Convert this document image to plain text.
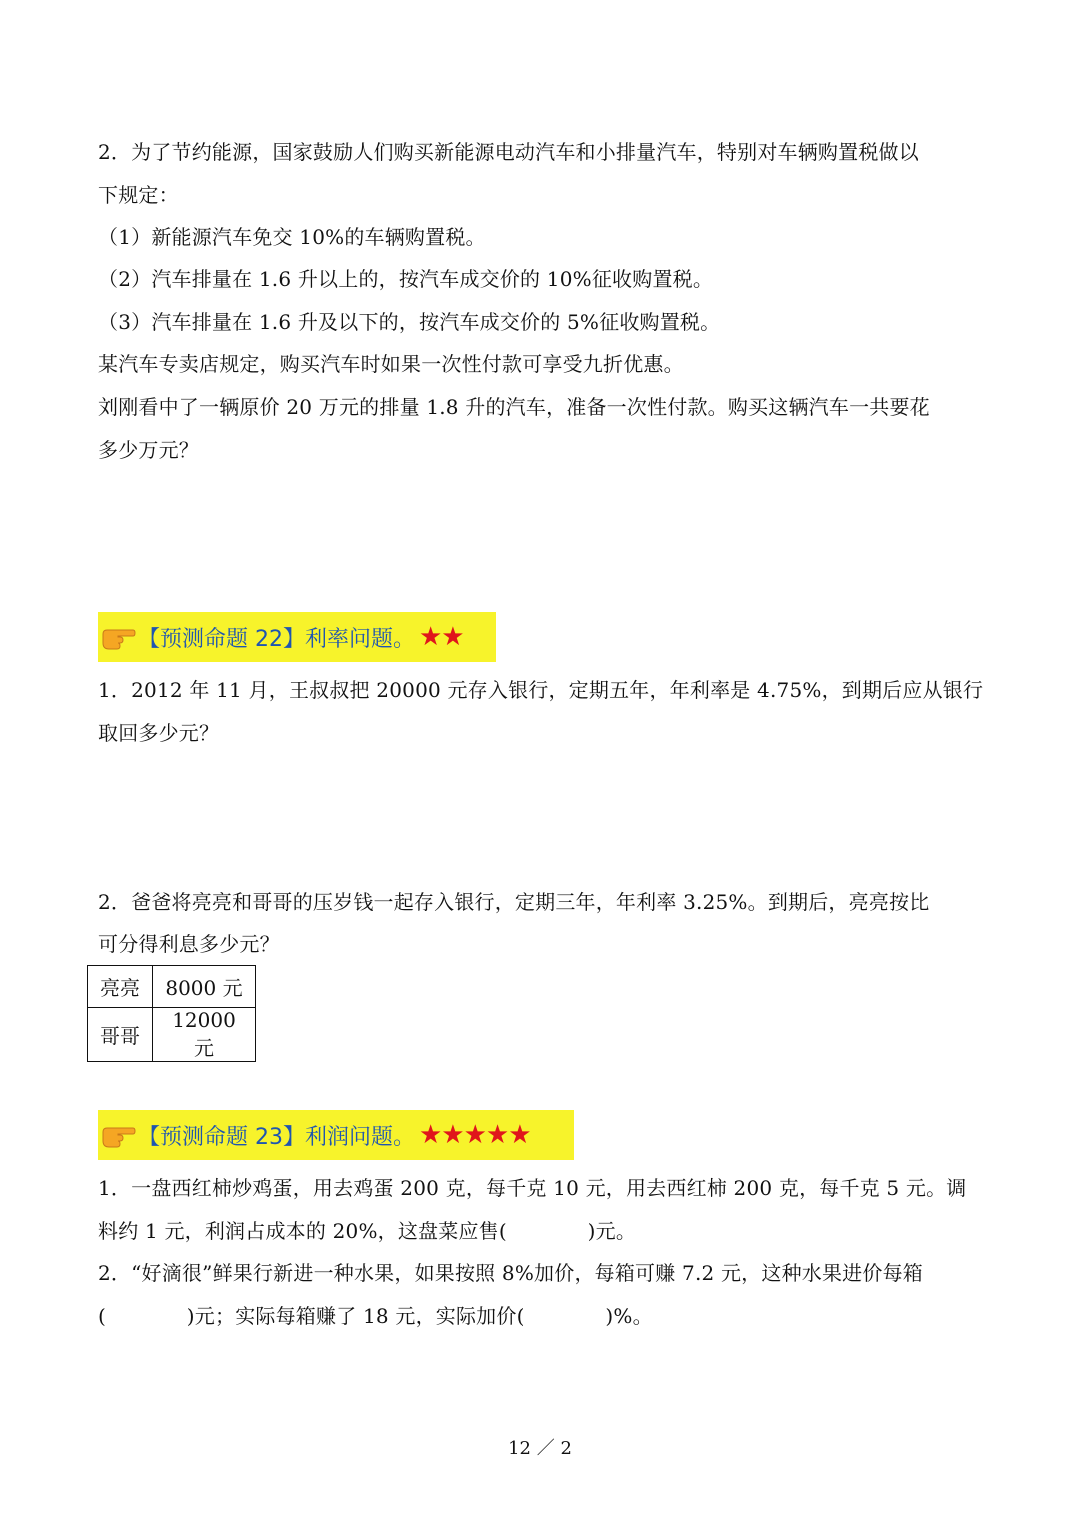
2．为了节约能源，国家鼓励人们购买新能源电动汽车和小排量汽车，特别对车辆购置税做以
下规定：
（1）新能源汽车免交 10%的车辆购置税。
（2）汽车排量在 1.6 升以上的，按汽车成交价的 10%征收购置税。
（3）汽车排量在 1.6 升及以下的，按汽车成交价的 5%征收购置税。
某汽车专卖店规定，购买汽车时如果一次性付款可享受九折优惠。
刘刚看中了一辆原价 20 万元的排量 1.8 升的汽车，准备一次性付款。购买这辆汽车一共要花
多少万元？
【预测命题 22】利率问题。 ★★
1．2012 年 11 月，王叔叔把 20000 元存入银行，定期五年，年利率是 4.75%，到期后应从银行
取回多少元？
2．爸爸将亮亮和哥哥的压岁钱一起存入银行，定期三年，年利率 3.25%。到期后，亮亮按比
可分得利息多少元？
亮亮	8000 元
哥哥	12000 元
【预测命题 23】利润问题。 ★★★★★
1．一盘西红柿炒鸡蛋，用去鸡蛋 200 克，每千克 10 元，用去西红柿 200 克，每千克 5 元。调
料约 1 元，利润占成本的 20%，这盘菜应售(　　　　)元。
2．“好滴很”鲜果行新进一种水果，如果按照 8%加价，每箱可赚 7.2 元，这种水果进价每箱
(　　　　)元；实际每箱赚了 18 元，实际加价(　　　　)%。
12 ／ 2
